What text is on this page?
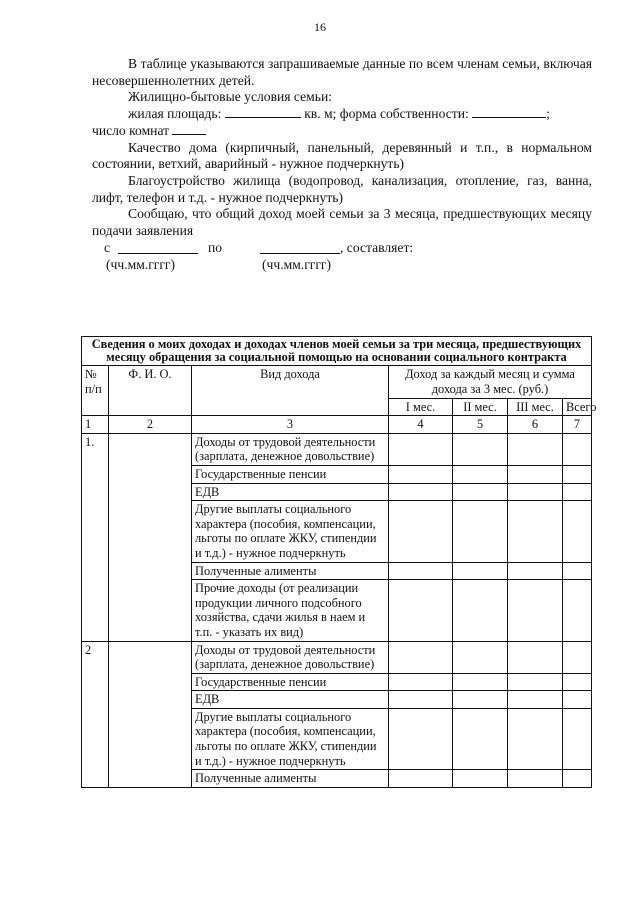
16

В таблице указываются запрашиваемые данные по всем членам семьи, включая несовершеннолетних детей.

Жилищно-бытовые условия семьи:

жилая площадь:	кв. м; форма собственности:	;

число комнат

Качество дома (кирпичный, панельный, деревянный и т.п., в нормальном состоянии, ветхий, аварийный - нужное подчеркнуть)

Благоустройство жилища (водопровод, канализация, отопление, газ, ванна, лифт, телефон и т.д. - нужное подчеркнуть)

Сообщаю, что общий доход моей семьи за 3 месяца, предшествующих месяцу подачи заявления

с	по	, составляет:
(чч.мм.гггг)	(чч.мм.гггг)
Сведения о моих доходах и доходах членов моей семьи за три месяца, предшествующих месяцу обращения за социальной помощью на основании социального контракта						
№ п/п	Ф. И. О.	Вид дохода	Доход за каждый месяц и сумма дохода за 3 мес. (руб.)			
			I мес.	II мес.	III мес.	Всего
1	2	3	4	5	6	7
1.		Доходы от трудовой деятельности (зарплата, денежное довольствие)				
		Государственные пенсии				
		ЕДВ				
		Другие выплаты социального характера (пособия, компенсации, льготы по оплате ЖКУ, стипендии и т.д.) - нужное подчеркнуть				
		Полученные алименты				
		Прочие доходы (от реализации продукции личного подсобного хозяйства, сдачи жилья в наем и т.п. - указать их вид)				
2		Доходы от трудовой деятельности (зарплата, денежное довольствие)				
		Государственные пенсии				
		ЕДВ				
		Другие выплаты социального характера (пособия, компенсации, льготы по оплате ЖКУ, стипендии и т.д.) - нужное подчеркнуть				
		Полученные алименты				
